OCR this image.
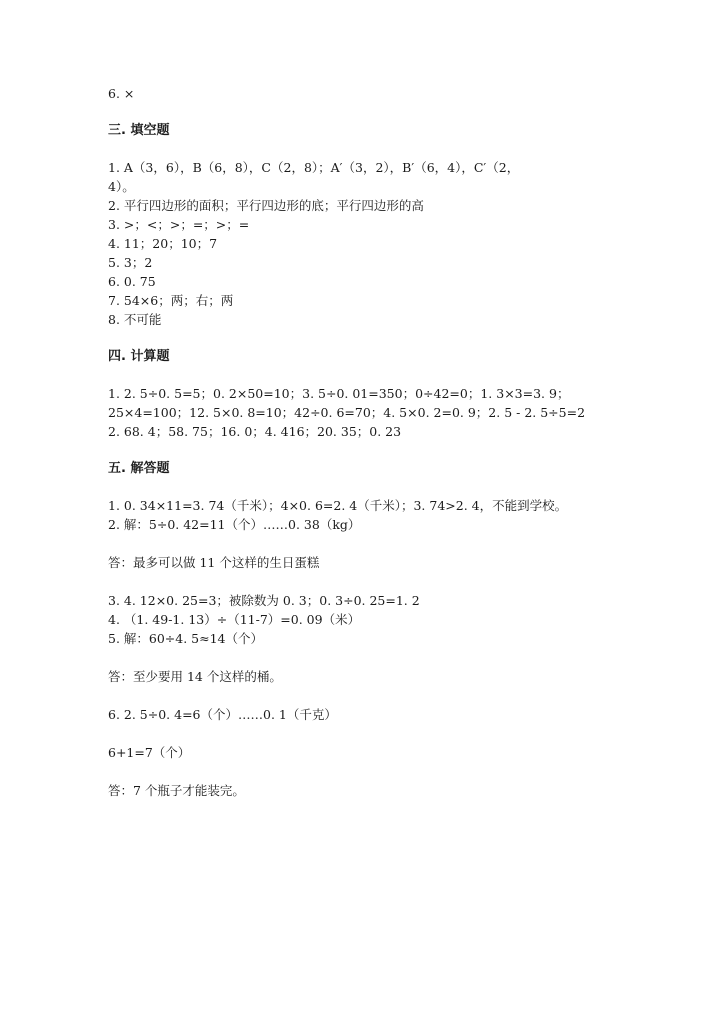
6. ×
三. 填空题
1. A（3，6），B（6，8），C（2，8）；A′（3，2），B′（6，4），C′（2，
4）。
2. 平行四边形的面积；平行四边形的底；平行四边形的高
3. >；<；>；=；>；=
4. 11；20；10；7
5. 3；2
6. 0. 75
7. 54×6；两；右；两
8. 不可能
四. 计算题
1. 2. 5÷0. 5=5；0. 2×50=10；3. 5÷0. 01=350；0÷42=0；1. 3×3=3. 9；
25×4=100；12. 5×0. 8=10；42÷0. 6=70；4. 5×0. 2=0. 9；2. 5 - 2. 5÷5=2
2. 68. 4；58. 75；16. 0；4. 416；20. 35；0. 23
五. 解答题
1. 0. 34×11=3. 74（千米）；4×0. 6=2. 4（千米）；3. 74>2. 4，不能到学校。
2. 解：5÷0. 42=11（个）……0. 38（kg）
答：最多可以做 11 个这样的生日蛋糕
3. 4. 12×0. 25=3；被除数为 0. 3；0. 3÷0. 25=1. 2
4. （1. 49-1. 13）÷（11-7）=0. 09（米）
5. 解：60÷4. 5≈14（个）
答：至少要用 14 个这样的桶。
6. 2. 5÷0. 4=6（个）……0. 1（千克）
6+1=7（个）
答：7 个瓶子才能装完。
